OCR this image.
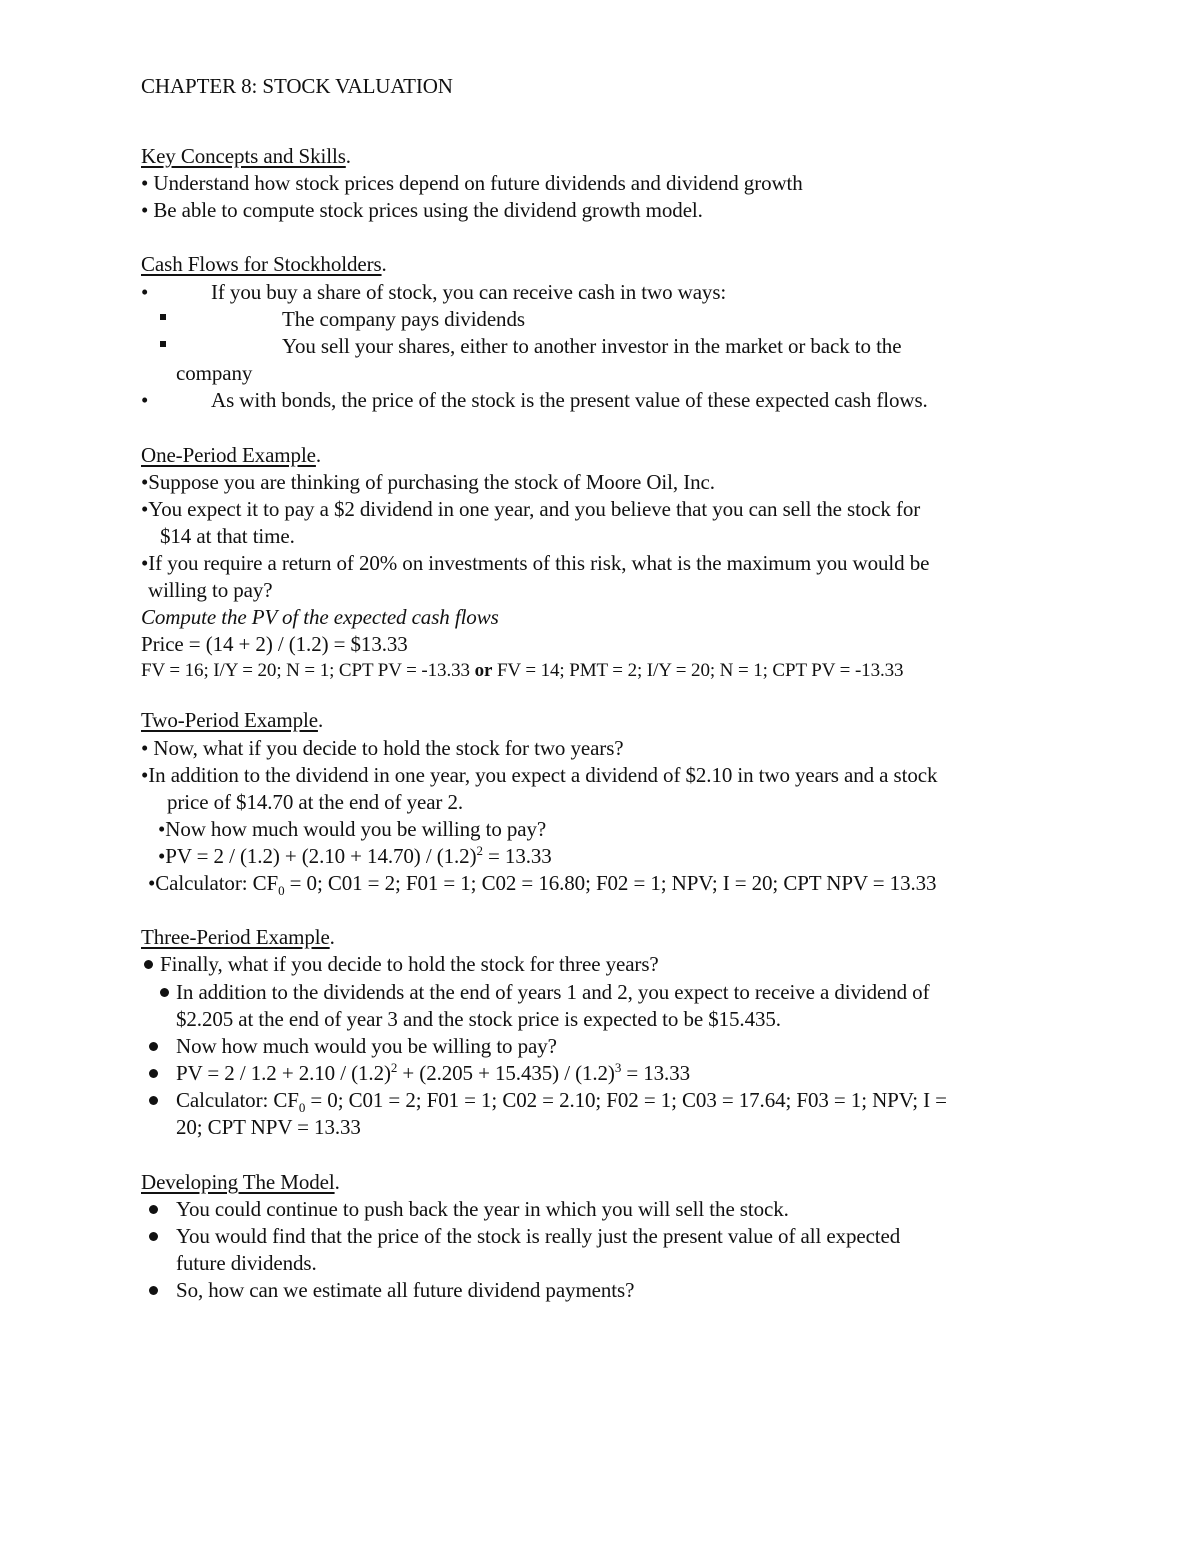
CHAPTER 8: STOCK VALUATION
Key Concepts and Skills.
• Understand how stock prices depend on future dividends and dividend growth
• Be able to compute stock prices using the dividend growth model.
Cash Flows for Stockholders.
•	If you buy a share of stock, you can receive cash in two ways:
The company pays dividends
You sell your shares, either to another investor in the market or back to the
company
•	As with bonds, the price of the stock is the present value of these expected cash flows.
One-Period Example.
•Suppose you are thinking of purchasing the stock of Moore Oil, Inc.
•You expect it to pay a $2 dividend in one year, and you believe that you can sell the stock for
$14 at that time.
•If you require a return of 20% on investments of this risk, what is the maximum you would be
willing to pay?
Compute the PV of the expected cash flows
Price = (14 + 2) / (1.2) = $13.33
FV = 16; I/Y = 20; N = 1; CPT PV = -13.33 or FV = 14; PMT = 2; I/Y = 20; N = 1; CPT PV = -13.33
Two-Period Example.
• Now, what if you decide to hold the stock for two years?
•In addition to the dividend in one year, you expect a dividend of $2.10 in two years and a stock
price of $14.70 at the end of year 2.
•Now how much would you be willing to pay?
•PV = $2 / (1.2) + (2.10 + 14.70) / (1.2)^2 = 13.33$
•Calculator: $CF_0 = 0$; C01 = 2; F01 = 1; C02 = 16.80; F02 = 1; NPV; I = 20; CPT NPV = 13.33
Three-Period Example.
Finally, what if you decide to hold the stock for three years?
In addition to the dividends at the end of years 1 and 2, you expect to receive a dividend of
$2.205 at the end of year 3 and the stock price is expected to be $15.435.
Now how much would you be willing to pay?
PV = $2 / 1.2 + 2.10 / (1.2)^2 + (2.205 + 15.435) / (1.2)^3 = 13.33$
Calculator: $CF_0 = 0$; C01 = 2; F01 = 1; C02 = 2.10; F02 = 1; C03 = 17.64; F03 = 1; NPV; I =
20; CPT NPV = 13.33
Developing The Model.
You could continue to push back the year in which you will sell the stock.
You would find that the price of the stock is really just the present value of all expected
future dividends.
So, how can we estimate all future dividend payments?
